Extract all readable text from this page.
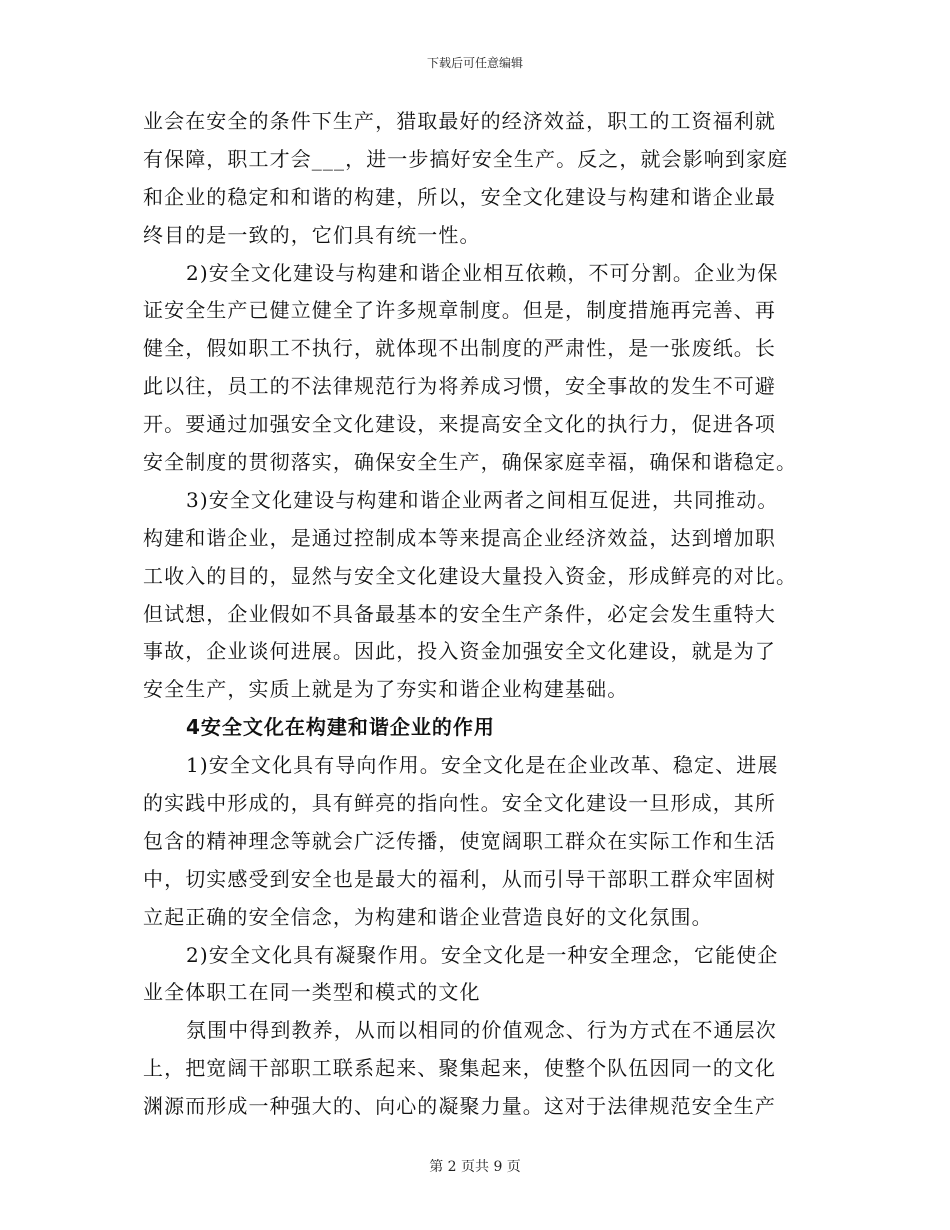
下载后可任意编辑
业会在安全的条件下生产，猎取最好的经济效益，职工的工资福利就
有保障，职工才会___，进一步搞好安全生产。反之，就会影响到家庭
和企业的稳定和和谐的构建，所以，安全文化建设与构建和谐企业最
终目的是一致的，它们具有统一性。
2)安全文化建设与构建和谐企业相互依赖，不可分割。企业为保
证安全生产已健立健全了许多规章制度。但是，制度措施再完善、再
健全，假如职工不执行，就体现不出制度的严肃性，是一张废纸。长
此以往，员工的不法律规范行为将养成习惯，安全事故的发生不可避
开。要通过加强安全文化建设，来提高安全文化的执行力，促进各项
安全制度的贯彻落实，确保安全生产，确保家庭幸福，确保和谐稳定。
3)安全文化建设与构建和谐企业两者之间相互促进，共同推动。
构建和谐企业，是通过控制成本等来提高企业经济效益，达到增加职
工收入的目的，显然与安全文化建设大量投入资金，形成鲜亮的对比。
但试想，企业假如不具备最基本的安全生产条件，必定会发生重特大
事故，企业谈何进展。因此，投入资金加强安全文化建设，就是为了
安全生产，实质上就是为了夯实和谐企业构建基础。
4安全文化在构建和谐企业的作用
1)安全文化具有导向作用。安全文化是在企业改革、稳定、进展
的实践中形成的，具有鲜亮的指向性。安全文化建设一旦形成，其所
包含的精神理念等就会广泛传播，使宽阔职工群众在实际工作和生活
中，切实感受到安全也是最大的福利，从而引导干部职工群众牢固树
立起正确的安全信念，为构建和谐企业营造良好的文化氛围。
2)安全文化具有凝聚作用。安全文化是一种安全理念，它能使企
业全体职工在同一类型和模式的文化
氛围中得到教养，从而以相同的价值观念、行为方式在不通层次
上，把宽阔干部职工联系起来、聚集起来，使整个队伍因同一的文化
渊源而形成一种强大的、向心的凝聚力量。这对于法律规范安全生产
第 2 页共 9 页
